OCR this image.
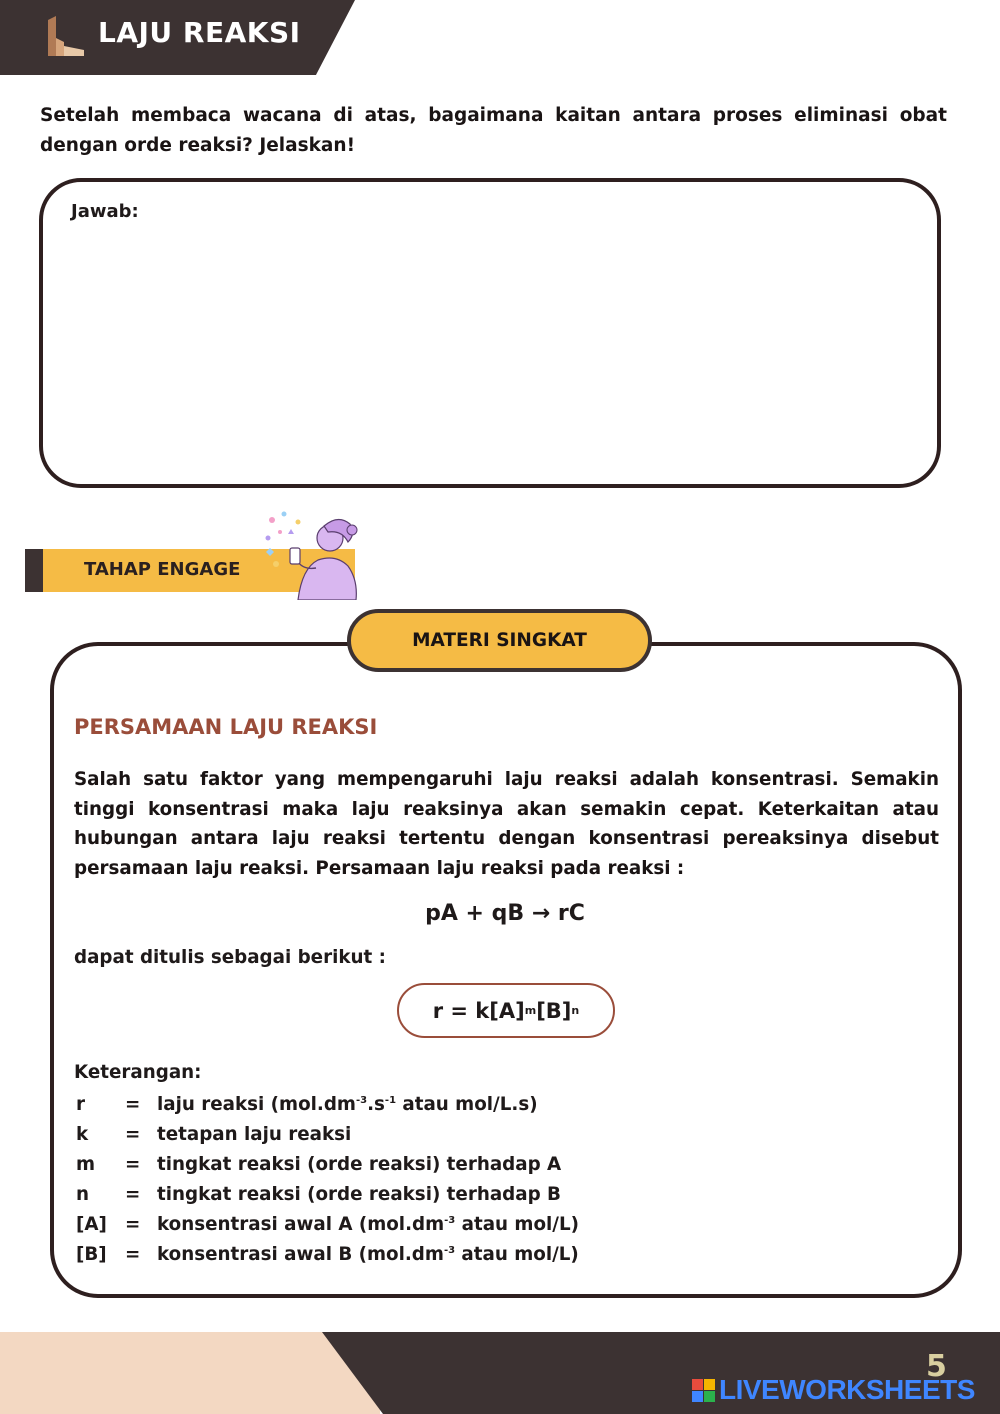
LAJU REAKSI
Setelah membaca wacana di atas, bagaimana kaitan antara proses eliminasi obat dengan orde reaksi? Jelaskan!
Jawab:
TAHAP ENGAGE
MATERI SINGKAT
PERSAMAAN LAJU REAKSI
Salah satu faktor yang mempengaruhi laju reaksi adalah konsentrasi. Semakin tinggi konsentrasi maka laju reaksinya akan semakin cepat. Keterkaitan atau hubungan antara laju reaksi tertentu dengan konsentrasi pereaksinya disebut persamaan laju reaksi. Persamaan laju reaksi pada reaksi :
pA + qB → rC
dapat ditulis sebagai berikut :
r = k[A] m [B] n
Keterangan:
r	= laju reaksi ($mol.dm^{-3}.s^{-1}$ atau mol/L.s)
k	= tetapan laju reaksi
m	= tingkat reaksi (orde reaksi) terhadap A
n	= tingkat reaksi (orde reaksi) terhadap B
[A] = konsentrasi awal A ($mol.dm^{-3}$ atau mol/L)
[B]	= konsentrasi awal B ($mol.dm^{-3}$ atau mol/L)
5
LIVEWORKSHEETS
